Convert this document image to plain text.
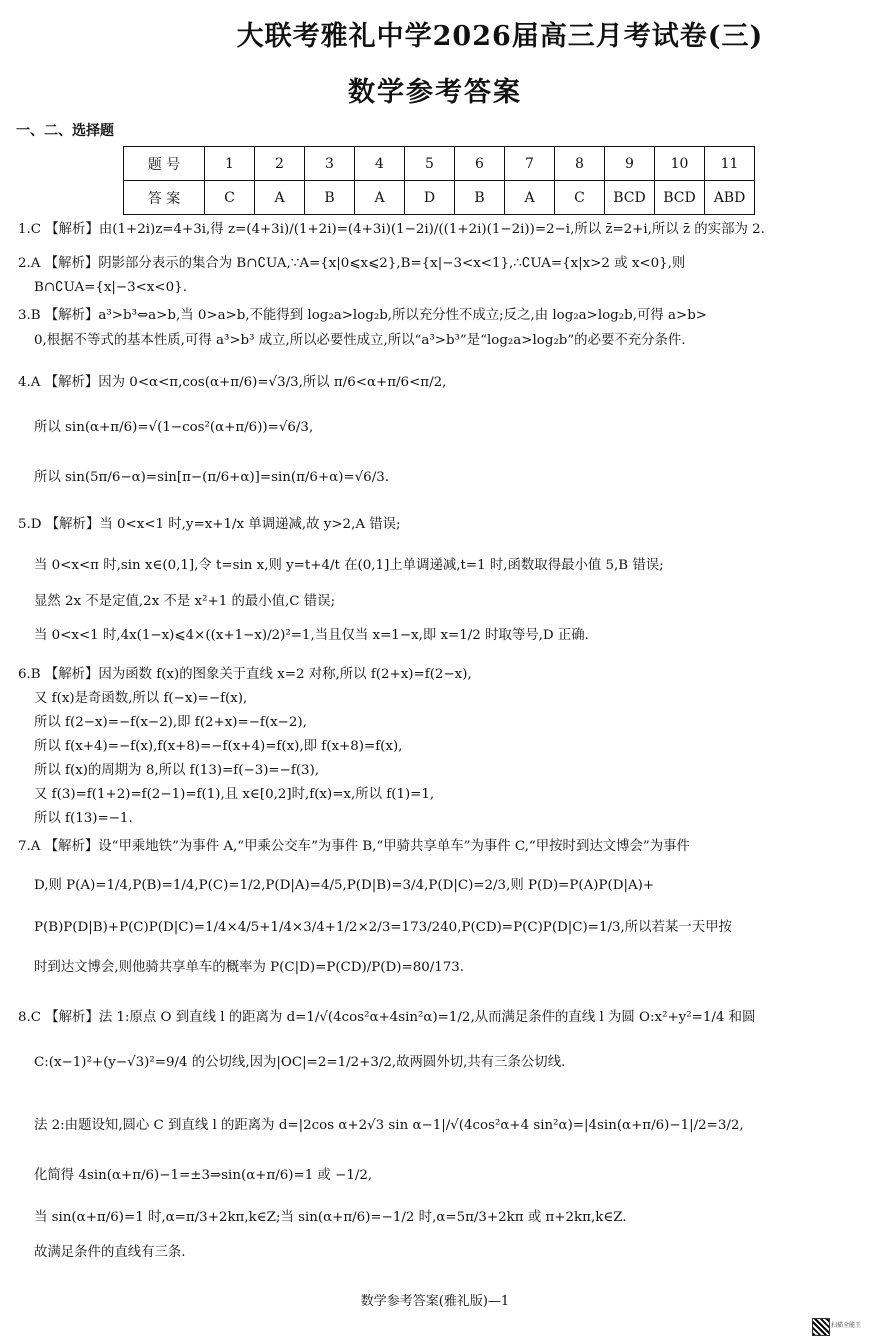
大联考雅礼中学2026届高三月考试卷(三)
数学参考答案
一、二、选择题
题 号	1	2	3	4	5	6	7	8	9	10	11
答 案	C	A	B	A	D	B	A	C	BCD	BCD	ABD
1.C 【解析】由(1+2i)z=4+3i,得 z=(4+3i)/(1+2i)=(4+3i)(1−2i)/((1+2i)(1−2i))=2−i,所以 z̄=2+i,所以 z̄ 的实部为 2.
2.A 【解析】阴影部分表示的集合为 B∩∁UA,∵A={x|0⩽x⩽2},B={x|−3<x<1},∴∁UA={x|x>2 或 x<0},则
B∩∁UA={x|−3<x<0}.
3.B 【解析】a³>b³⇔a>b,当 0>a>b,不能得到 log₂a>log₂b,所以充分性不成立;反之,由 log₂a>log₂b,可得 a>b>
0,根据不等式的基本性质,可得 a³>b³ 成立,所以必要性成立,所以“a³>b³”是“log₂a>log₂b”的必要不充分条件.
4.A 【解析】因为 0<α<π,cos(α+π/6)=√3/3,所以 π/6<α+π/6<π/2,
所以 sin(α+π/6)=√(1−cos²(α+π/6))=√6/3,
所以 sin(5π/6−α)=sin[π−(π/6+α)]=sin(π/6+α)=√6/3.
5.D 【解析】当 0<x<1 时,y=x+1/x 单调递减,故 y>2,A 错误;
当 0<x<π 时,sin x∈(0,1],令 t=sin x,则 y=t+4/t 在(0,1]上单调递减,t=1 时,函数取得最小值 5,B 错误;
显然 2x 不是定值,2x 不是 x²+1 的最小值,C 错误;
当 0<x<1 时,4x(1−x)⩽4×((x+1−x)/2)²=1,当且仅当 x=1−x,即 x=1/2 时取等号,D 正确.
6.B 【解析】因为函数 f(x)的图象关于直线 x=2 对称,所以 f(2+x)=f(2−x),
又 f(x)是奇函数,所以 f(−x)=−f(x),
所以 f(2−x)=−f(x−2),即 f(2+x)=−f(x−2),
所以 f(x+4)=−f(x),f(x+8)=−f(x+4)=f(x),即 f(x+8)=f(x),
所以 f(x)的周期为 8,所以 f(13)=f(−3)=−f(3),
又 f(3)=f(1+2)=f(2−1)=f(1),且 x∈[0,2]时,f(x)=x,所以 f(1)=1,
所以 f(13)=−1.
7.A 【解析】设“甲乘地铁”为事件 A,“甲乘公交车”为事件 B,“甲骑共享单车”为事件 C,“甲按时到达文博会”为事件
D,则 P(A)=1/4,P(B)=1/4,P(C)=1/2,P(D|A)=4/5,P(D|B)=3/4,P(D|C)=2/3,则 P(D)=P(A)P(D|A)+
P(B)P(D|B)+P(C)P(D|C)=1/4×4/5+1/4×3/4+1/2×2/3=173/240,P(CD)=P(C)P(D|C)=1/3,所以若某一天甲按
时到达文博会,则他骑共享单车的概率为 P(C|D)=P(CD)/P(D)=80/173.
8.C 【解析】法 1:原点 O 到直线 l 的距离为 d=1/√(4cos²α+4sin²α)=1/2,从而满足条件的直线 l 为圆 O:x²+y²=1/4 和圆
C:(x−1)²+(y−√3)²=9/4 的公切线,因为|OC|=2=1/2+3/2,故两圆外切,共有三条公切线.
法 2:由题设知,圆心 C 到直线 l 的距离为 d=|2cos α+2√3 sin α−1|/√(4cos²α+4 sin²α)=|4sin(α+π/6)−1|/2=3/2,
化简得 4sin(α+π/6)−1=±3⇒sin(α+π/6)=1 或 −1/2,
当 sin(α+π/6)=1 时,α=π/3+2kπ,k∈Z;当 sin(α+π/6)=−1/2 时,α=5π/3+2kπ 或 π+2kπ,k∈Z.
故满足条件的直线有三条.
数学参考答案(雅礼版)—1
扫描全能王
